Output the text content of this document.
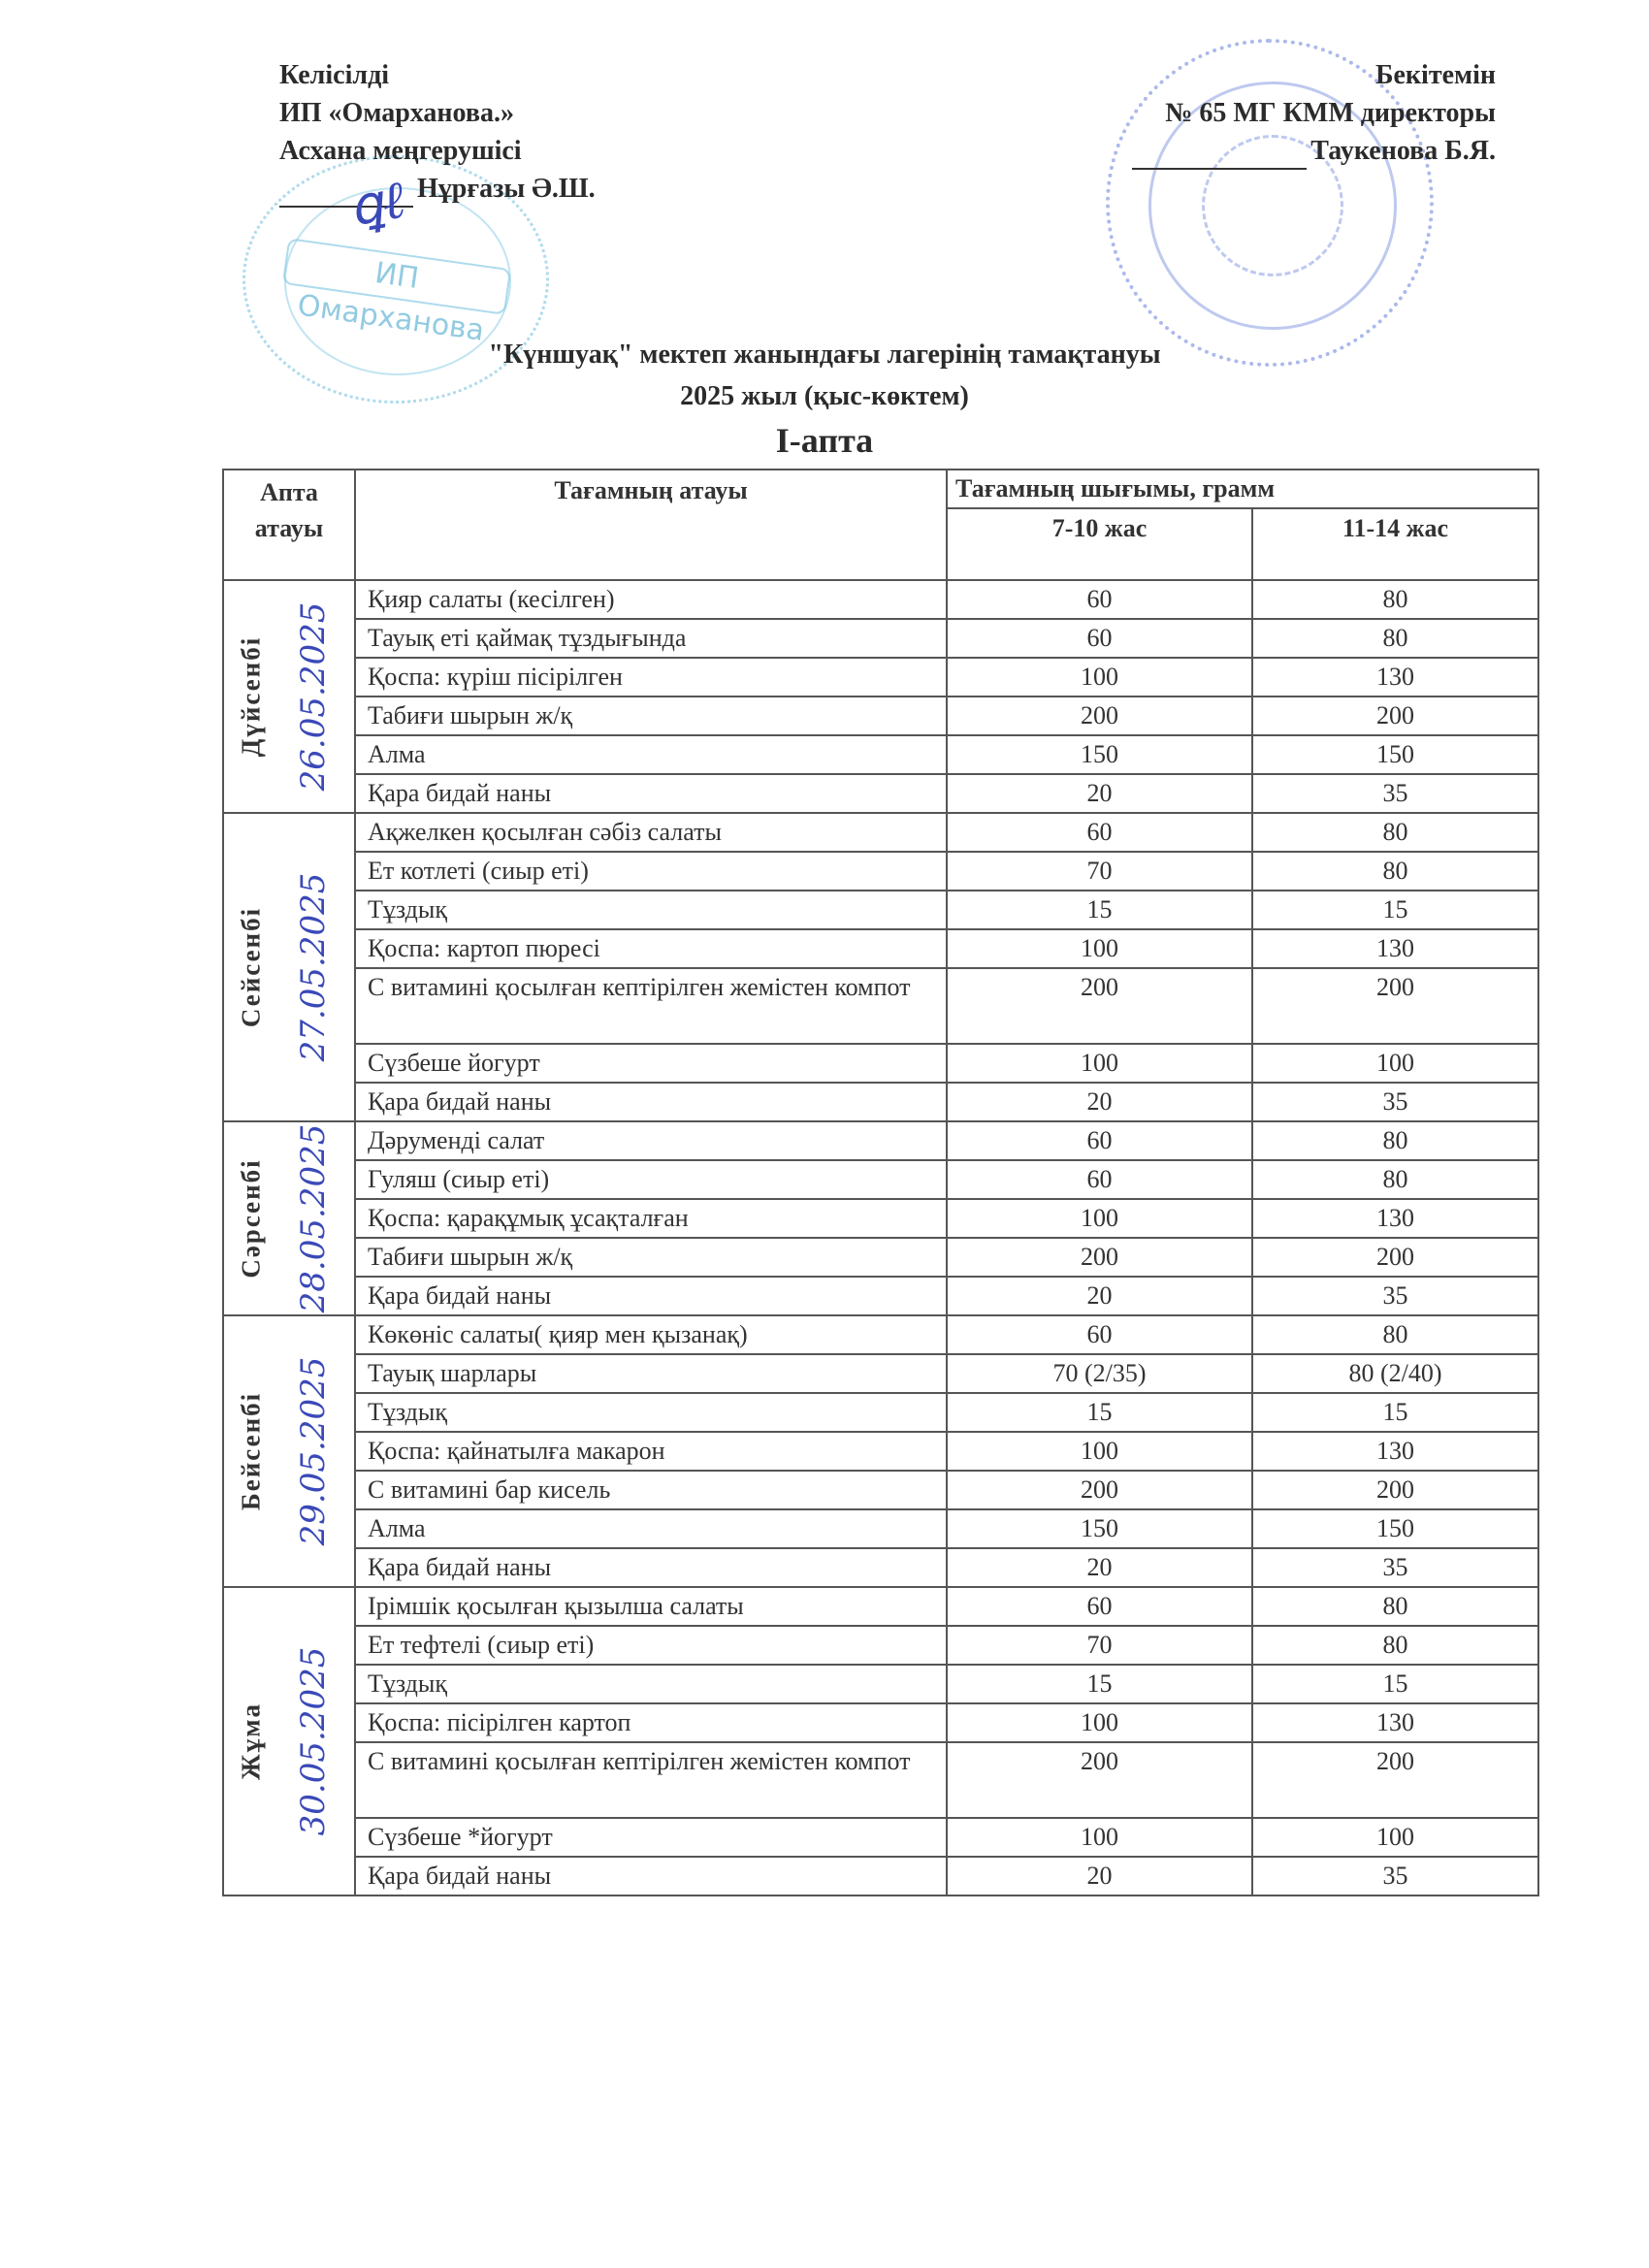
ИП Омарханова
Келісілді
ИП «Омарханова.»
Асхана меңгерушісі
Нұрғазы Ә.Ш.
ꝗℓ
Бекітемін
№ 65 МГ КММ директоры
Таукенова Б.Я.
"Күншуақ" мектеп жанындағы лагерінің тамақтануы
2025 жыл (қыс-көктем)
I-апта
Апта атауы	Тағамның атауы	Тағамның шығымы, грамм	
		7-10 жас	11-14 жас

Дүйсенбі 26.05.2025	Қияр салаты (кесілген)	60	80
	Тауық еті қаймақ тұздығында	60	80
	Қоспа: күріш пісірілген	100	130
	Табиғи шырын ж/қ	200	200
	Алма	150	150
	Қара бидай наны	20	35

Сейсенбі 27.05.2025	Ақжелкен қосылған сәбіз салаты	60	80
	Ет котлеті (сиыр еті)	70	80
	Тұздық	15	15
	Қоспа: картоп пюресі	100	130
	С витамині қосылған кептірілген жемістен компот	200	200
	Сүзбеше йогурт	100	100
	Қара бидай наны	20	35

Сәрсенбі 28.05.2025	Дәруменді салат	60	80
	Гуляш (сиыр еті)	60	80
	Қоспа: қарақұмық ұсақталған	100	130
	Табиғи шырын ж/қ	200	200
	Қара бидай наны	20	35

Бейсенбі 29.05.2025	Көкөніс салаты( қияр мен қызанақ)	60	80
	Тауық шарлары	70 (2/35)	80 (2/40)
	Тұздық	15	15
	Қоспа: қайнатылға макарон	100	130
	С витамині бар кисель	200	200
	Алма	150	150
	Қара бидай наны	20	35

Жұма 30.05.2025	Ірімшік қосылған қызылша салаты	60	80
	Ет тефтелі (сиыр еті)	70	80
	Тұздық	15	15
	Қоспа: пісірілген картоп	100	130
	С витамині қосылған кептірілген жемістен компот	200	200
	Сүзбеше *йогурт	100	100
	Қара бидай наны	20	35
